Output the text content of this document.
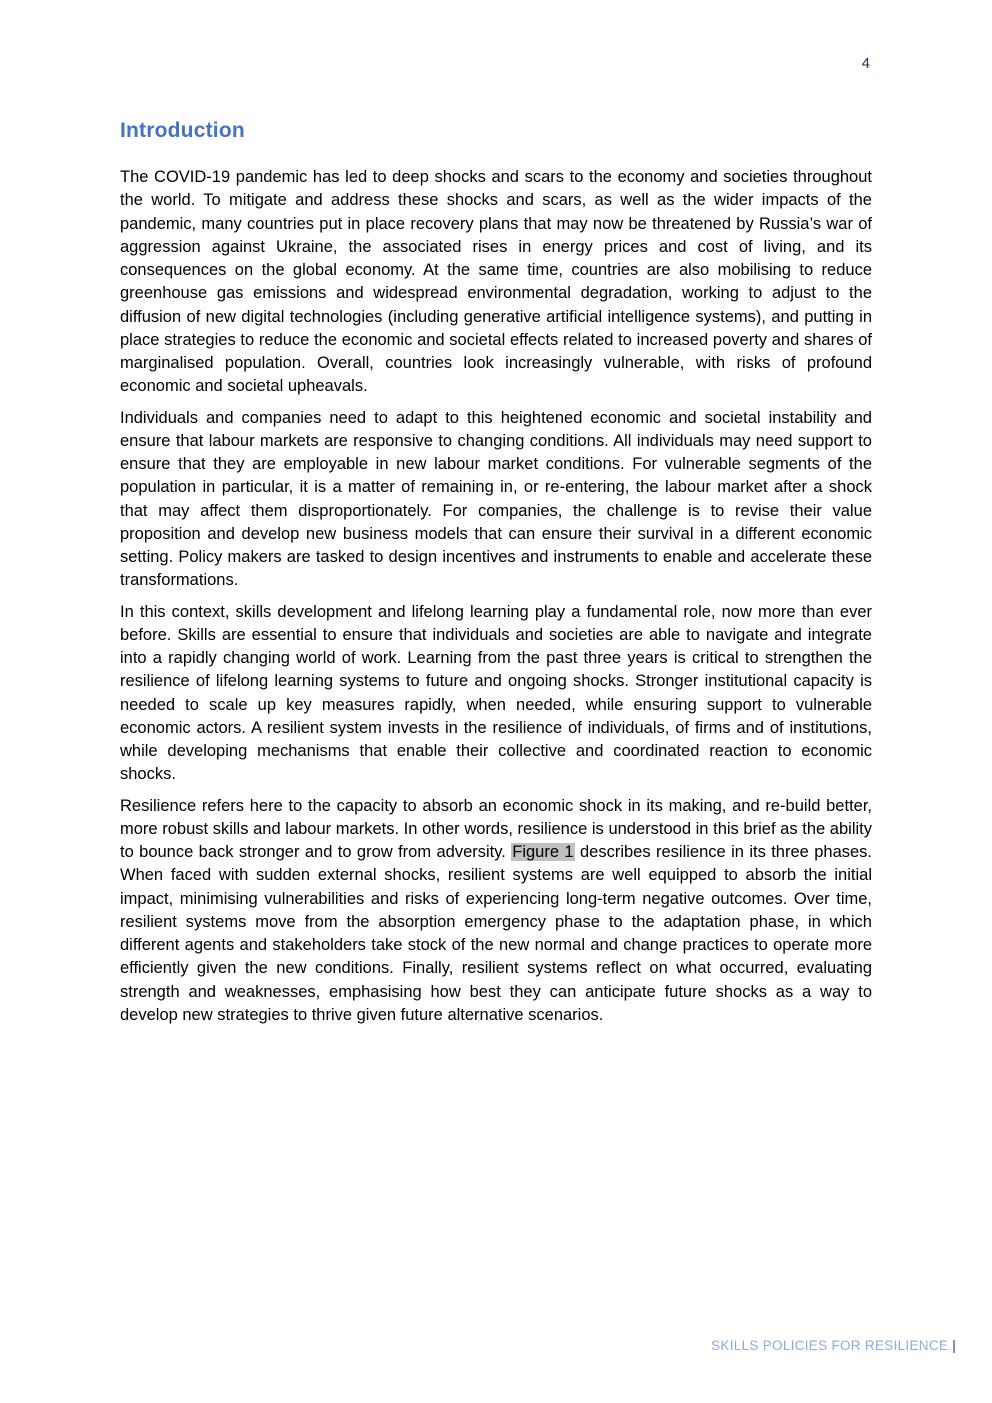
4
Introduction

The COVID-19 pandemic has led to deep shocks and scars to the economy and societies throughout the world. To mitigate and address these shocks and scars, as well as the wider impacts of the pandemic, many countries put in place recovery plans that may now be threatened by Russia’s war of aggression against Ukraine, the associated rises in energy prices and cost of living, and its consequences on the global economy. At the same time, countries are also mobilising to reduce greenhouse gas emissions and widespread environmental degradation, working to adjust to the diffusion of new digital technologies (including generative artificial intelligence systems), and putting in place strategies to reduce the economic and societal effects related to increased poverty and shares of marginalised population. Overall, countries look increasingly vulnerable, with risks of profound economic and societal upheavals.

Individuals and companies need to adapt to this heightened economic and societal instability and ensure that labour markets are responsive to changing conditions. All individuals may need support to ensure that they are employable in new labour market conditions. For vulnerable segments of the population in particular, it is a matter of remaining in, or re-entering, the labour market after a shock that may affect them disproportionately. For companies, the challenge is to revise their value proposition and develop new business models that can ensure their survival in a different economic setting. Policy makers are tasked to design incentives and instruments to enable and accelerate these transformations.

In this context, skills development and lifelong learning play a fundamental role, now more than ever before. Skills are essential to ensure that individuals and societies are able to navigate and integrate into a rapidly changing world of work. Learning from the past three years is critical to strengthen the resilience of lifelong learning systems to future and ongoing shocks. Stronger institutional capacity is needed to scale up key measures rapidly, when needed, while ensuring support to vulnerable economic actors. A resilient system invests in the resilience of individuals, of firms and of institutions, while developing mechanisms that enable their collective and coordinated reaction to economic shocks.

Resilience refers here to the capacity to absorb an economic shock in its making, and re-build better, more robust skills and labour markets. In other words, resilience is understood in this brief as the ability to bounce back stronger and to grow from adversity. Figure 1 describes resilience in its three phases. When faced with sudden external shocks, resilient systems are well equipped to absorb the initial impact, minimising vulnerabilities and risks of experiencing long-term negative outcomes. Over time, resilient systems move from the absorption emergency phase to the adaptation phase, in which different agents and stakeholders take stock of the new normal and change practices to operate more efficiently given the new conditions. Finally, resilient systems reflect on what occurred, evaluating strength and weaknesses, emphasising how best they can anticipate future shocks as a way to develop new strategies to thrive given future alternative scenarios.

SKILLS POLICIES FOR RESILIENCE |
